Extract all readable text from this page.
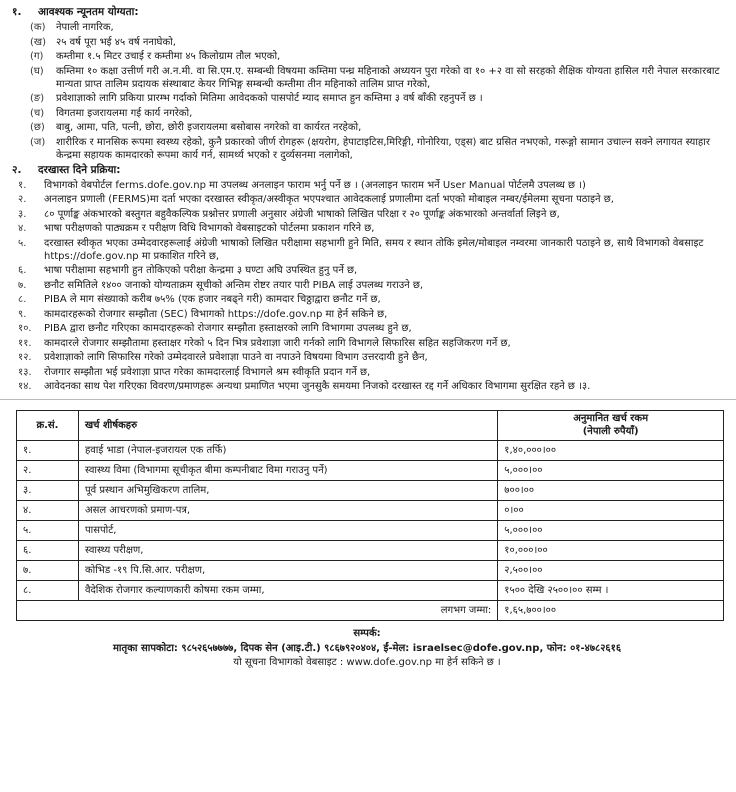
१.	आवश्यक न्यूनतम योग्यता:
(क)	नेपाली नागरिक,
(ख)	२५ वर्ष पूरा भई ४५ वर्ष ननाघेको,
(ग)	कम्तीमा १.५ मिटर उचाई र कम्तीमा ४५ किलोग्राम तौल भएको,
(घ)	कम्तिमा १० कक्षा उत्तीर्ण गरी अ.न.मी. वा सि.एम.ए. सम्बन्धी विषयमा कम्तिमा पन्ध्र महिनाको अध्ययन पुरा गरेको वा १० +२ वा सो सरहको शैक्षिक योग्यता हासिल गरी नेपाल सरकारबाट मान्यता प्राप्त तालिम प्रदायक संस्थाबाट केयर गिभिङ्ग सम्बन्धी कम्तीमा तीन महिनाको तालिम प्राप्त गरेको,
(ङ)	प्रवेशाज्ञाको लागि प्रकिया प्रारम्भ गर्दाको मितिमा आवेदकको पासपोर्ट म्याद समाप्त हुन कम्तिमा ३ वर्ष बाँकी रहनुपर्ने छ ।
(च)	विगतमा इजरायलमा गई कार्य नगरेको,
(छ)	बाबु, आमा, पति, पत्नी, छोरा, छोरी इजरायलमा बसोबास नगरेको वा कार्यरत नरहेको,
(ज)	शारीरिक र मानसिक रूपमा स्वस्थ्य रहेको, कुनै प्रकारको जीर्ण रोगहरू (क्षयरोग, हेपाटाइटिस,मिरिङ्गी, गोनोरिया, एड्स) बाट ग्रसित नभएको, गरूङ्गो सामान उचाल्न सक्ने लगायत स्याहार केन्द्रमा सहायक कामदारको रूपमा कार्य गर्न, सामर्थ्य भएको र दुर्व्यसनमा नलागेको,
२.	दरखास्त दिने प्रक्रिया:
१.	विभागको वेबपोर्टल ferms.dofe.gov.np मा उपलब्ध अनलाइन फाराम भर्नु पर्ने छ । (अनलाइन फाराम भर्ने User Manual पोर्टलमै उपलब्ध छ ।)
२.	अनलाइन प्रणाली (FERMS)मा दर्ता भएका दरखास्त स्वीकृत/अस्वीकृत भएपश्चात आवेदकलाई प्रणालीमा दर्ता भएको मोबाइल नम्बर/ईमेलमा सूचना पठाइने छ,
३.	८० पूर्णाङ्क अंकभारको बस्तुगत बहुवैकल्पिक प्रश्नोत्तर प्रणाली अनुसार अंग्रेजी भाषाको लिखित परिक्षा र २० पूर्णाङ्क अंकभारको अन्तर्वार्ता लिइने छ,
४.	भाषा परीक्षणको पाठ्यक्रम र परीक्षण विधि विभागको वेबसाइटको पोर्टलमा प्रकाशन गरिने छ,
५.	दरखास्त स्वीकृत भएका उम्मेदवारहरूलाई अंग्रेजी भाषाको लिखित परीक्षामा सहभागी हुने मिति, समय र स्थान तोकि इमेल/मोबाइल नम्वरमा जानकारी पठाइने छ, साथै विभागको वेबसाइट https://dofe.gov.np मा प्रकाशित गरिने छ,
६.	भाषा परीक्षामा सहभागी हुन तोकिएको परीक्षा केन्द्रमा ३ घण्टा अघि उपस्थित हुनु पर्ने छ,
७.	छनौट समितिले १४०० जनाको योग्यताक्रम सूचीको अन्तिम रोष्टर तयार पारी PIBA लाई उपलब्ध गराउने छ,
८.	PIBA ले माग संख्याको करीब ७५% (एक हजार नबढ्ने गरी) कामदार चिठ्ठाद्वारा छनौट गर्ने छ,
९.	कामदारहरूको रोजगार सम्झौता (SEC) विभागको https://dofe.gov.np मा हेर्न सकिने छ,
१०.	PIBA द्वारा छनौट गरिएका कामदारहरूको रोजगार सम्झौता हस्ताक्षरको लागि विभागमा उपलब्ध हुने छ,
११.	कामदारले रोजगार सम्झौतामा हस्ताक्षर गरेको ५ दिन भित्र प्रवेशाज्ञा जारी गर्नको लागि विभागले सिफारिस सहित सहजिकरण गर्ने छ,
१२.	प्रवेशाज्ञाको लागि सिफारिस गरेको उम्मेदवारले प्रवेशाज्ञा पाउने वा नपाउने विषयमा विभाग उत्तरदायी हुने छैन,
१३.	रोजगार सम्झौता भई प्रवेशाज्ञा प्राप्त गरेका कामदारलाई विभागले श्रम स्वीकृति प्रदान गर्ने छ,
१४.	आवेदनका साथ पेश गरिएका विवरण/प्रमाणहरू अन्यथा प्रमाणित भएमा जुनसुकै समयमा निजको दरखास्त रद्द गर्ने अधिकार विभागमा सुरक्षित रहने छ ।३.
क्र.सं.	खर्च शीर्षकहरु	अनुमानित खर्च रकम
(नेपाली रुपैयाँ)

१.	हवाई भाडा (नेपाल-इजरायल एक तर्फि)	१,४०,०००।००
२.	स्वास्थ्य विमा (विभागमा सूचीकृत बीमा कम्पनीबाट विमा गराउनु पर्ने)	५,०००।००
३.	पूर्व प्रस्थान अभिमुखिकरण तालिम,	७००।००
४.	असल आचरणको प्रमाण-पत्र,	०।००
५.	पासपोर्ट,	५,०००।००
६.	स्वास्थ्य परीक्षण,	१०,०००।००
७.	कोभिड -१९ पि.सि.आर. परीक्षण,	२,५००।००
८.	वैदेशिक रोजगार कल्याणकारी कोषमा रकम जम्मा,	१५०० देखि २५००।०० सम्म ।
लगभग जम्मा:		१,६५,७००।००
सम्पर्क:
मातृका सापकोटा: ९८५२६५७७७७, दिपक सेन (आइ.टी.) ९८६७९२०४०४, ईं-मेल: israelsec@dofe.gov.np, फोन: ०१-४७८२६१६
यो सूचना विभागको वेबसाइट : www.dofe.gov.np मा हेर्न सकिने छ ।
